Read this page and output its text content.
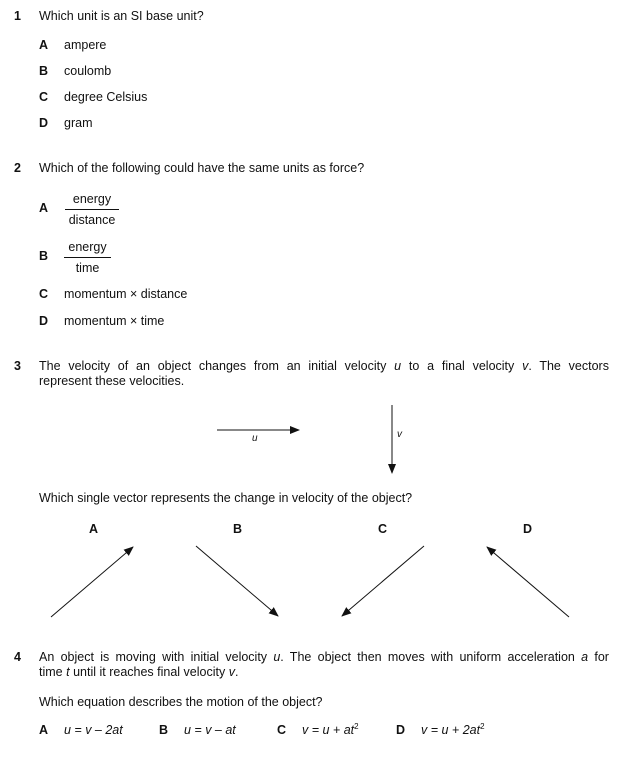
1 Which unit is an SI base unit?
A ampere
B coulomb
C degree Celsius
D gram
2 Which of the following could have the same units as force?
A
energy
distance
B
energy
time
C momentum × distance
D momentum × time
3 The velocity of an object changes from an initial velocity u to a final velocity v. The vectors
represent these velocities.
u	v
Which single vector represents the change in velocity of the object?
A	B	C	D
4 An object is moving with initial velocity u. The object then moves with uniform acceleration a for
time t until it reaches final velocity v.
Which equation describes the motion of the object?
A u = v – 2at	B u = v – at	C $v = u + at^2$	D $v = u + 2at^2$
